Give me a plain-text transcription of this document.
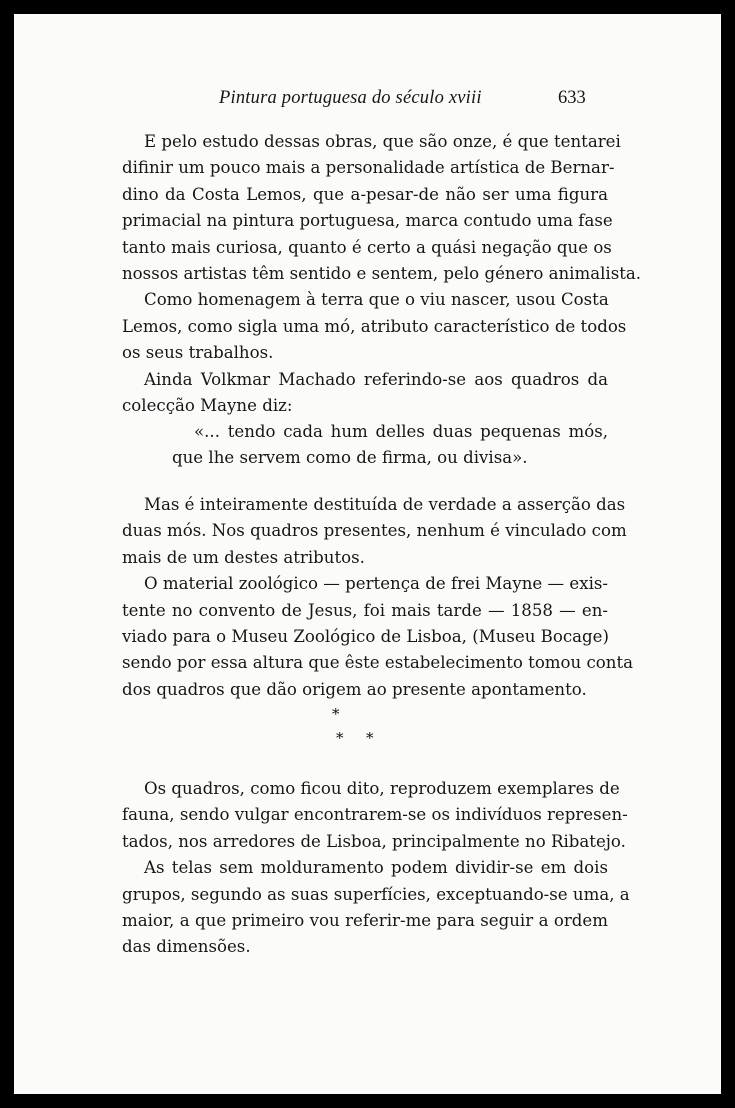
Pintura portuguesa do século xviii	633
E pelo estudo dessas obras, que são onze, é que tentarei
difinir um pouco mais a personalidade artística de Bernar-
dino da Costa Lemos, que a-pesar-de não ser uma figura
primacial na pintura portuguesa, marca contudo uma fase
tanto mais curiosa, quanto é certo a quási negação que os
nossos artistas têm sentido e sentem, pelo género animalista.
Como homenagem à terra que o viu nascer, usou Costa
Lemos, como sigla uma mó, atributo característico de todos
os seus trabalhos.
Ainda Volkmar Machado referindo-se aos quadros da
colecção Mayne diz:
«... tendo cada hum delles duas pequenas mós,
que lhe servem como de firma, ou divisa».
Mas é inteiramente destituída de verdade a asserção das
duas mós. Nos quadros presentes, nenhum é vinculado com
mais de um destes atributos.
O material zoológico — pertença de frei Mayne — exis-
tente no convento de Jesus, foi mais tarde — 1858 — en-
viado para o Museu Zoológico de Lisboa, (Museu Bocage)
sendo por essa altura que êste estabelecimento tomou conta
dos quadros que dão origem ao presente apontamento.
*
* *
Os quadros, como ficou dito, reproduzem exemplares de
fauna, sendo vulgar encontrarem-se os indivíduos represen-
tados, nos arredores de Lisboa, principalmente no Ribatejo.
As telas sem molduramento podem dividir-se em dois
grupos, segundo as suas superfícies, exceptuando-se uma, a
maior, a que primeiro vou referir-me para seguir a ordem
das dimensões.
